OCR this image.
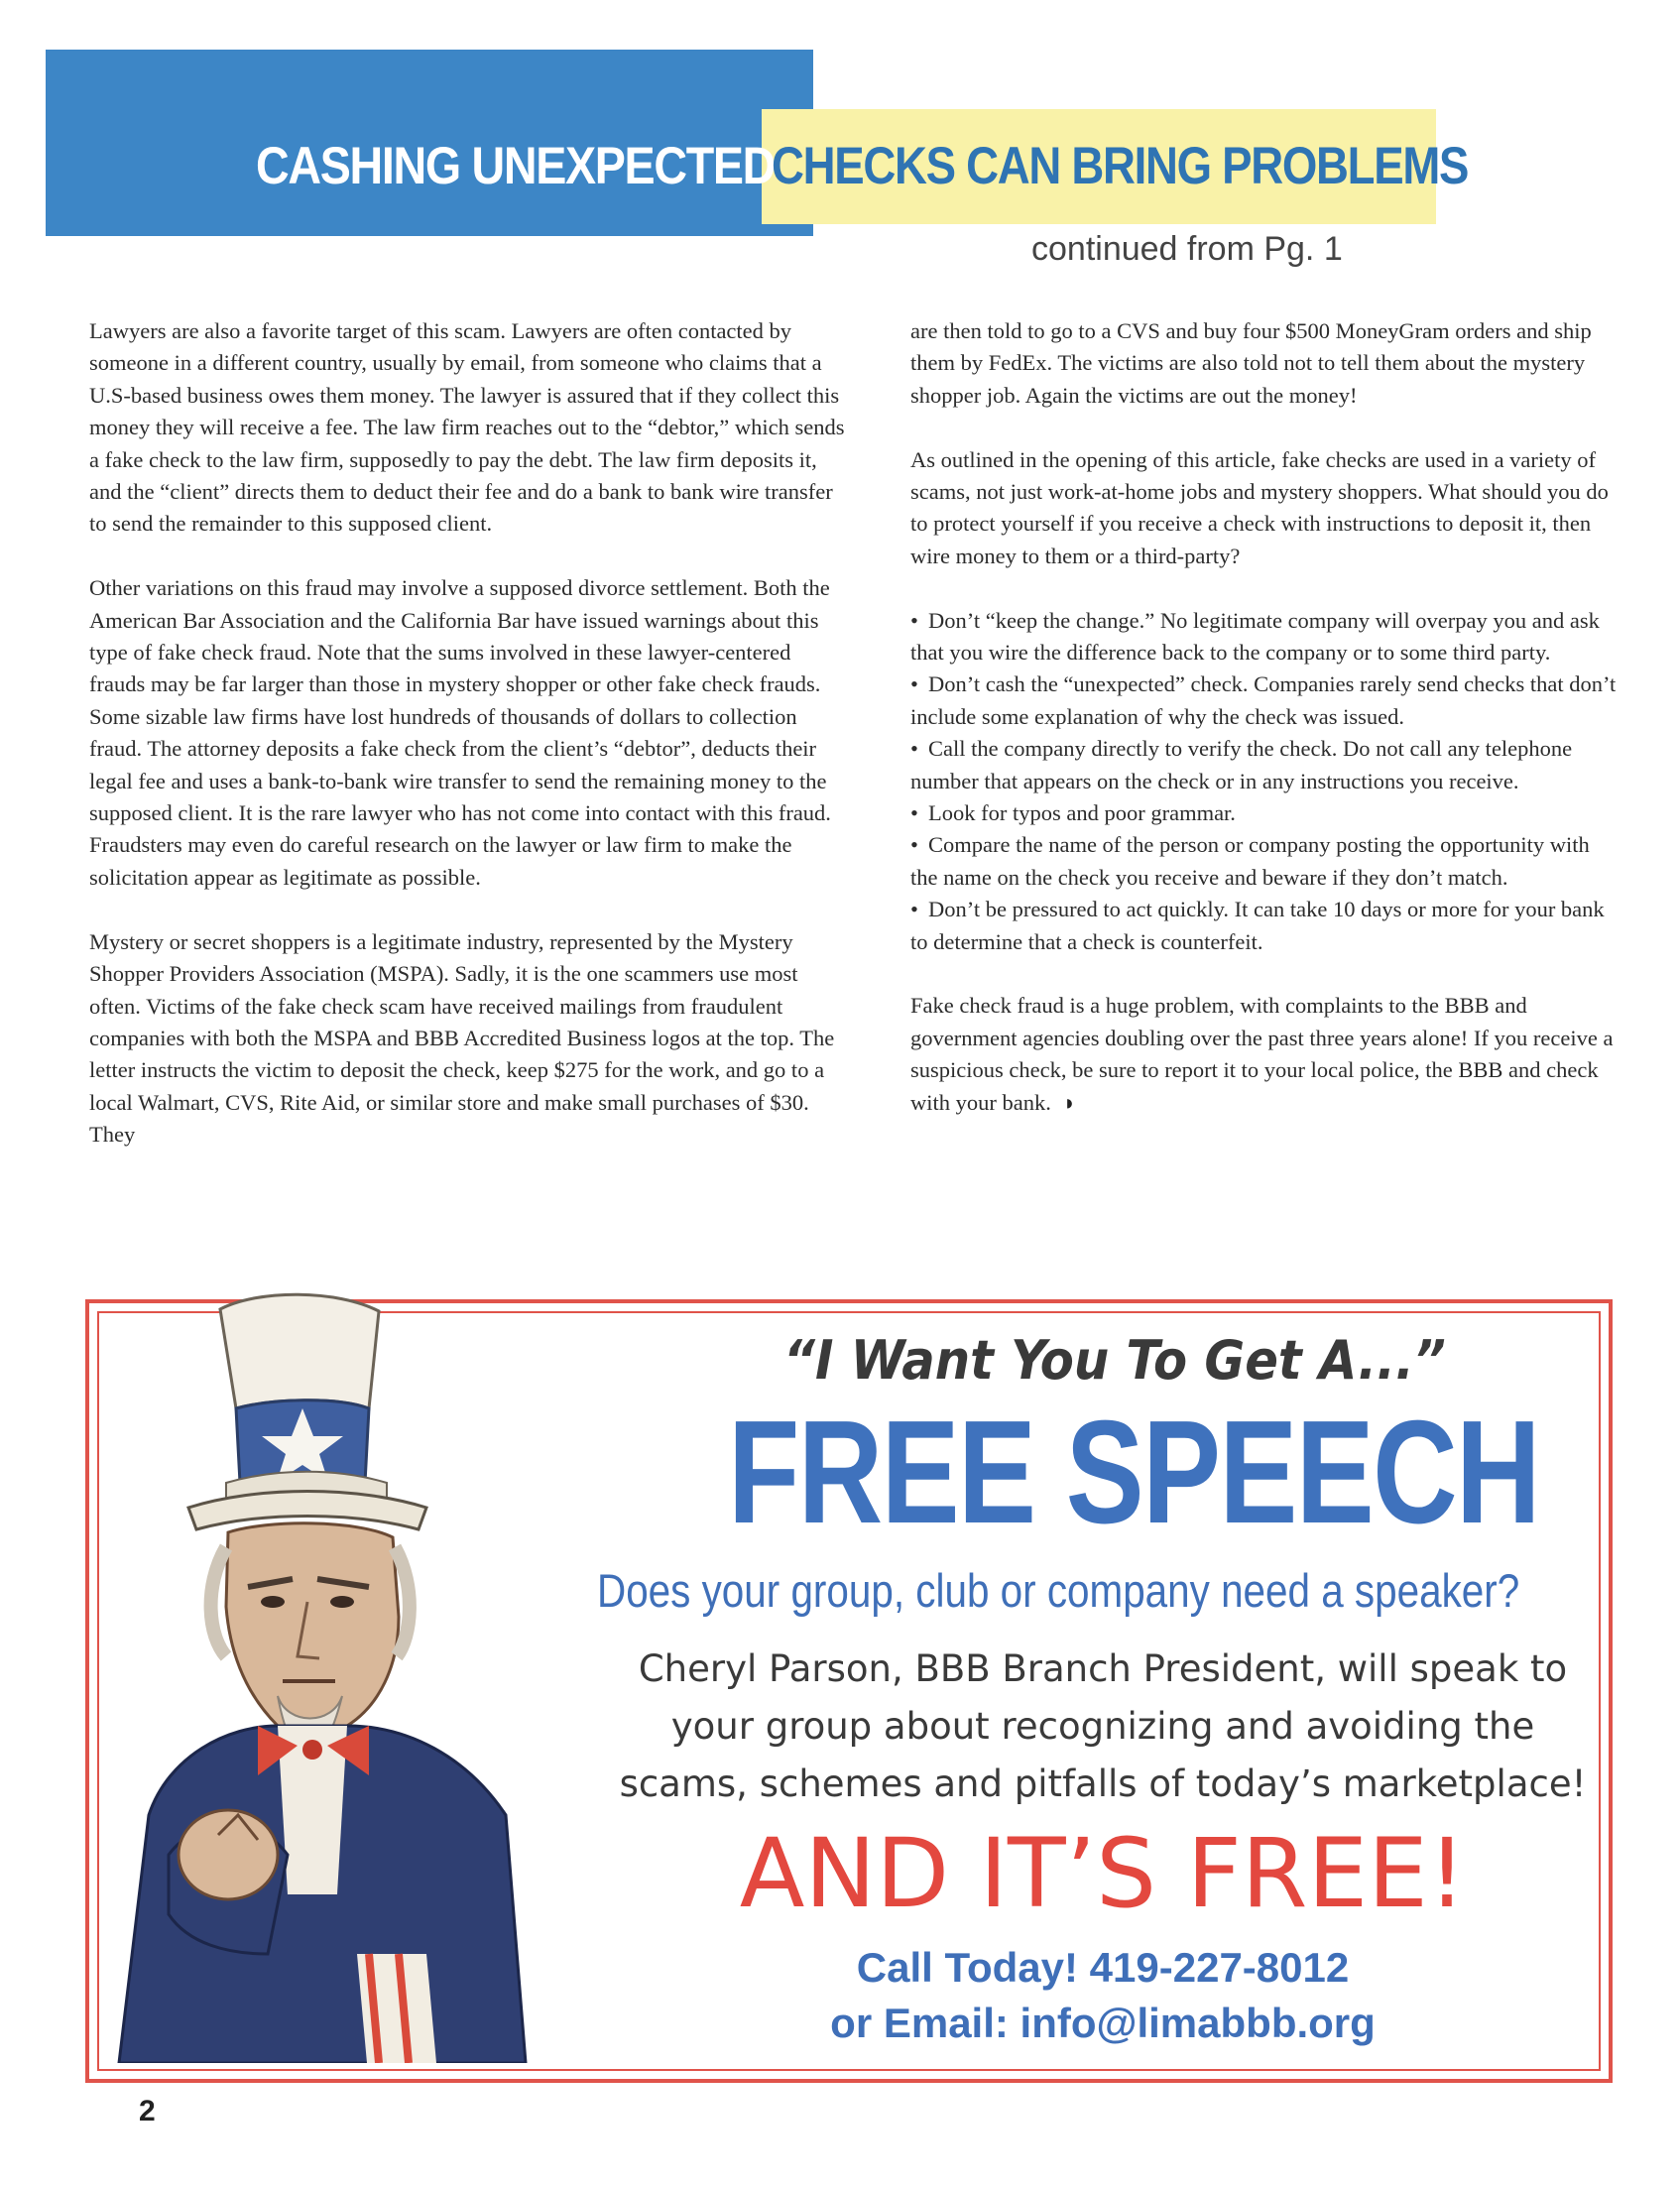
CASHING UNEXPECTED
CHECKS CAN BRING PROBLEMS
continued from Pg. 1

Lawyers are also a favorite target of this scam. Lawyers are often contacted by someone in a different country, usually by email, from someone who claims that a U.S-based business owes them money. The lawyer is assured that if they collect this money they will receive a fee. The law firm reaches out to the “debtor,” which sends a fake check to the law firm, supposedly to pay the debt. The law firm deposits it, and the “client” directs them to deduct their fee and do a bank to bank wire transfer to send the remainder to this supposed client.

Other variations on this fraud may involve a supposed divorce settlement. Both the American Bar Association and the California Bar have issued warnings about this type of fake check fraud. Note that the sums involved in these lawyer-centered frauds may be far larger than those in mystery shopper or other fake check frauds. Some sizable law firms have lost hundreds of thousands of dollars to collection fraud. The attorney deposits a fake check from the client’s “debtor”, deducts their legal fee and uses a bank-to-bank wire transfer to send the remaining money to the supposed client. It is the rare lawyer who has not come into contact with this fraud. Fraudsters may even do careful research on the lawyer or law firm to make the solicitation appear as legitimate as possible.

Mystery or secret shoppers is a legitimate industry, represented by the Mystery Shopper Providers Association (MSPA). Sadly, it is the one scammers use most often. Victims of the fake check scam have received mailings from fraudulent companies with both the MSPA and BBB Accredited Business logos at the top. The letter instructs the victim to deposit the check, keep $275 for the work, and go to a local Walmart, CVS, Rite Aid, or similar store and make small purchases of $30. They

are then told to go to a CVS and buy four $500 MoneyGram orders and ship them by FedEx. The victims are also told not to tell them about the mystery shopper job. Again the victims are out the money!

As outlined in the opening of this article, fake checks are used in a variety of scams, not just work-at-home jobs and mystery shoppers. What should you do to protect yourself if you receive a check with instructions to deposit it, then wire money to them or a third-party?

• Don’t “keep the change.” No legitimate company will overpay you and ask that you wire the difference back to the company or to some third party.
• Don’t cash the “unexpected” check. Companies rarely send checks that don’t include some explanation of why the check was issued.
• Call the company directly to verify the check. Do not call any telephone number that appears on the check or in any instructions you receive.
• Look for typos and poor grammar.
• Compare the name of the person or company posting the opportunity with the name on the check you receive and beware if they don’t match.
• Don’t be pressured to act quickly. It can take 10 days or more for your bank to determine that a check is counterfeit.

Fake check fraud is a huge problem, with complaints to the BBB and government agencies doubling over the past three years alone! If you receive a suspicious check, be sure to report it to your local police, the BBB and check with your bank. ◗

“I Want You To Get A...”
FREE SPEECH
Does your group, club or company need a speaker?
Cheryl Parson, BBB Branch President, will speak to
your group about recognizing and avoiding the
scams, schemes and pitfalls of today’s marketplace!
AND IT’S FREE!
Call Today! 419-227-8012
or Email: info@limabbb.org
2
